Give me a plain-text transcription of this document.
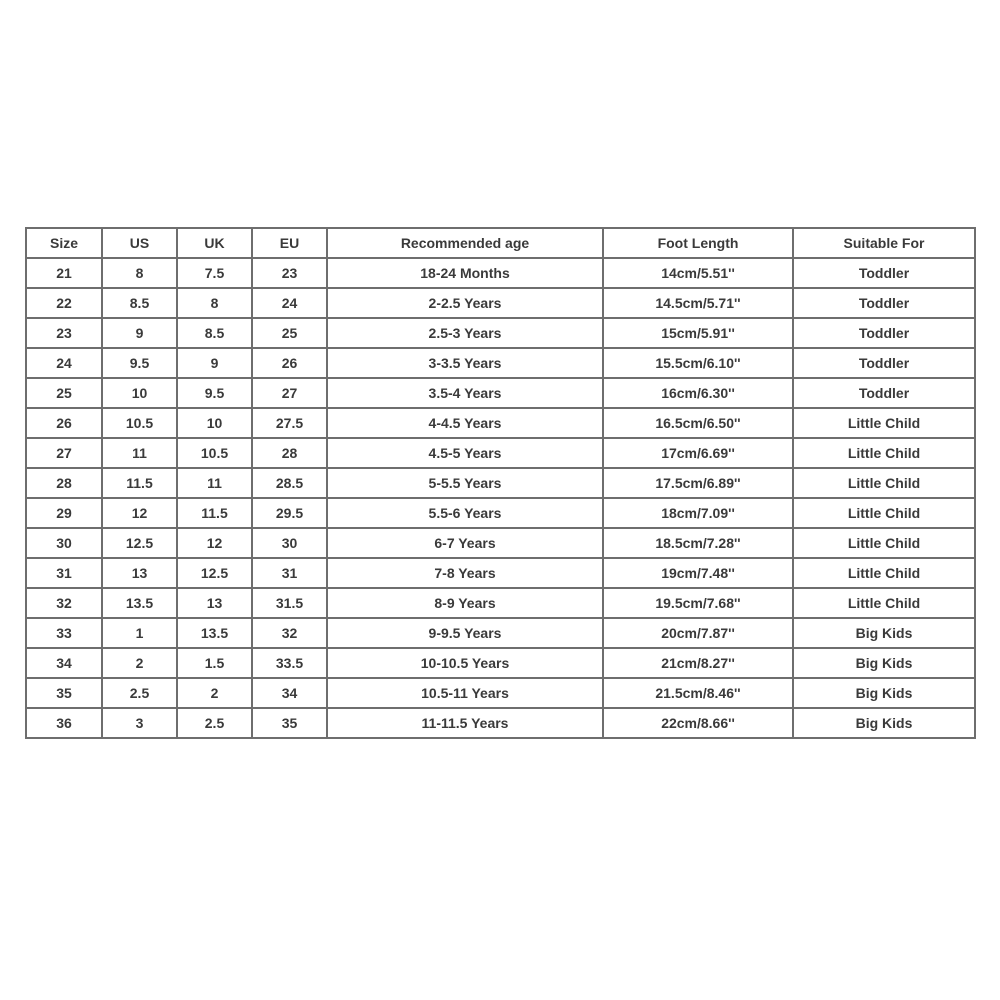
Size	US	UK	EU	Recommended age	Foot Length	Suitable For
21	8	7.5	23	18-24 Months	14cm/5.51''	Toddler
22	8.5	8	24	2-2.5 Years	14.5cm/5.71''	Toddler
23	9	8.5	25	2.5-3 Years	15cm/5.91''	Toddler
24	9.5	9	26	3-3.5 Years	15.5cm/6.10''	Toddler
25	10	9.5	27	3.5-4 Years	16cm/6.30''	Toddler
26	10.5	10	27.5	4-4.5 Years	16.5cm/6.50''	Little Child
27	11	10.5	28	4.5-5 Years	17cm/6.69''	Little Child
28	11.5	11	28.5	5-5.5 Years	17.5cm/6.89''	Little Child
29	12	11.5	29.5	5.5-6 Years	18cm/7.09''	Little Child
30	12.5	12	30	6-7 Years	18.5cm/7.28''	Little Child
31	13	12.5	31	7-8 Years	19cm/7.48''	Little Child
32	13.5	13	31.5	8-9 Years	19.5cm/7.68''	Little Child
33	1	13.5	32	9-9.5 Years	20cm/7.87''	Big Kids
34	2	1.5	33.5	10-10.5 Years	21cm/8.27''	Big Kids
35	2.5	2	34	10.5-11 Years	21.5cm/8.46''	Big Kids
36	3	2.5	35	11-11.5 Years	22cm/8.66''	Big Kids
